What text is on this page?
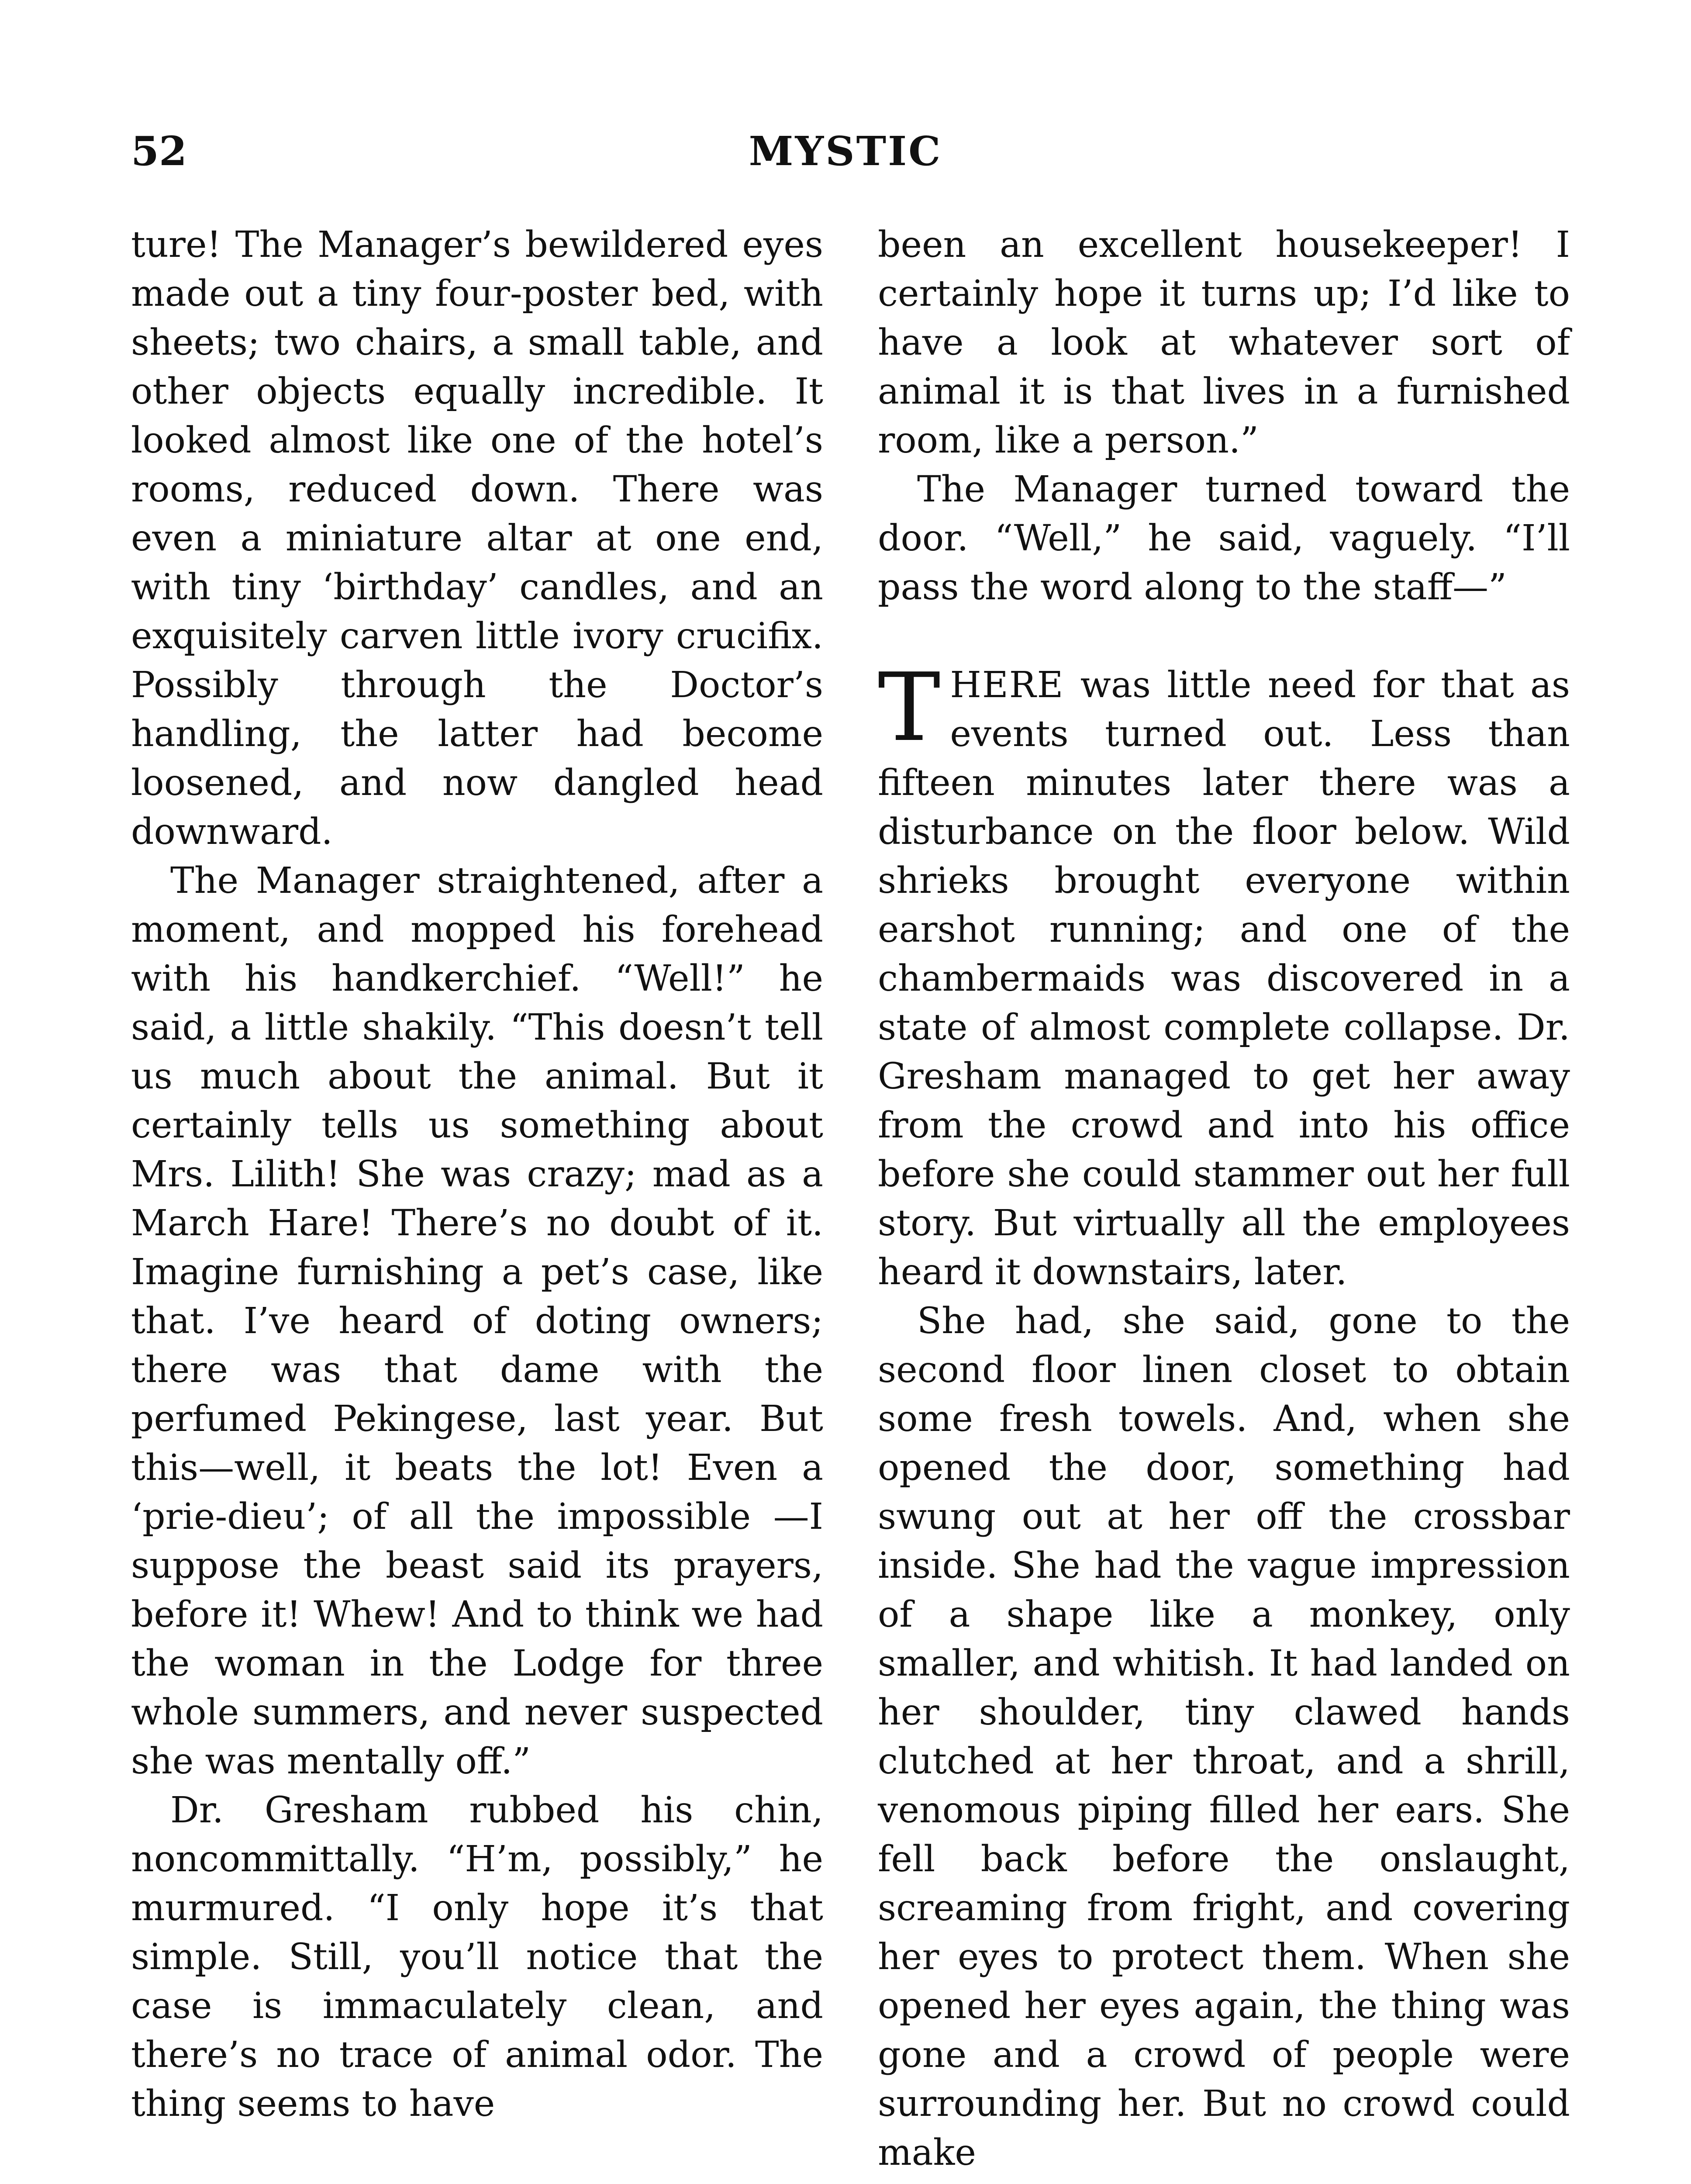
52	MYSTIC

ture! The Manager’s bewildered eyes made out a tiny four-poster bed, with sheets; two chairs, a small table, and other objects equally incredible. It looked almost like one of the hotel’s rooms, reduced down. There was even a miniature altar at one end, with tiny ‘birthday’ candles, and an exquisitely carven little ivory crucifix. Possibly through the Doctor’s handling, the latter had become loosened, and now dangled head downward.

The Manager straightened, after a moment, and mopped his forehead with his handkerchief. “Well!” he said, a little shakily. “This doesn’t tell us much about the animal. But it certainly tells us something about Mrs. Lilith! She was crazy; mad as a March Hare! There’s no doubt of it. Imagine furnishing a pet’s case, like that. I’ve heard of doting owners; there was that dame with the perfumed Pekingese, last year. But this—well, it beats the lot! Even a ‘prie-dieu’; of all the impossible —I suppose the beast said its prayers, before it! Whew! And to think we had the woman in the Lodge for three whole summers, and never suspected she was mentally off.”

Dr. Gresham rubbed his chin, noncommittally. “H’m, possibly,” he murmured. “I only hope it’s that simple. Still, you’ll notice that the case is immaculately clean, and there’s no trace of animal odor. The thing seems to have

been an excellent housekeeper! I certainly hope it turns up; I’d like to have a look at whatever sort of animal it is that lives in a furnished room, like a person.”

The Manager turned toward the door. “Well,” he said, vaguely. “I’ll pass the word along to the staff—”

THERE was little need for that as events turned out. Less than fifteen minutes later there was a disturbance on the floor below. Wild shrieks brought everyone within earshot running; and one of the chambermaids was discovered in a state of almost complete collapse. Dr. Gresham managed to get her away from the crowd and into his office before she could stammer out her full story. But virtually all the employees heard it downstairs, later.

She had, she said, gone to the second floor linen closet to obtain some fresh towels. And, when she opened the door, something had swung out at her off the crossbar inside. She had the vague impression of a shape like a monkey, only smaller, and whitish. It had landed on her shoulder, tiny clawed hands clutched at her throat, and a shrill, venomous piping filled her ears. She fell back before the onslaught, screaming from fright, and covering her eyes to protect them. When she opened her eyes again, the thing was gone and a crowd of people were surrounding her. But no crowd could make
